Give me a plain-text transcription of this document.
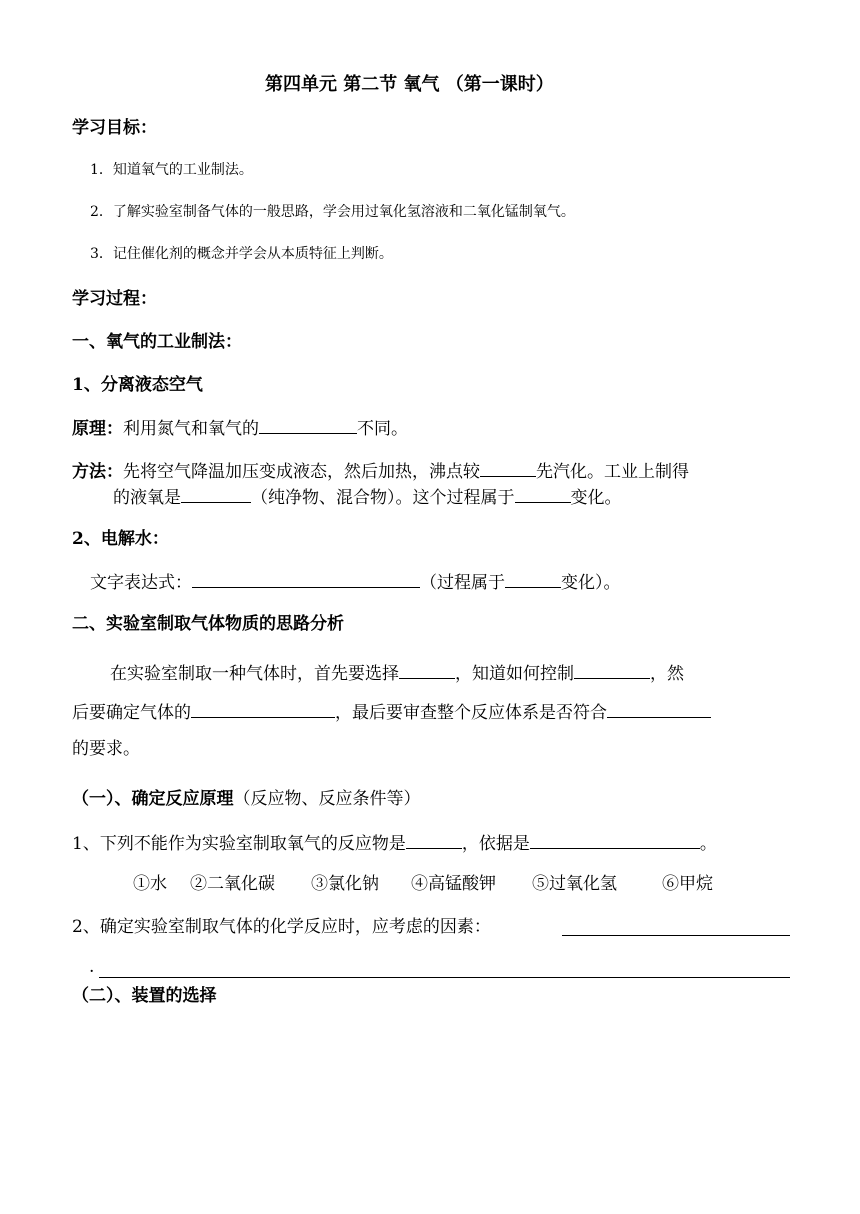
第四单元 第二节 氧气 （第一课时）
学习目标：
1．知道氧气的工业制法。
2．了解实验室制备气体的一般思路，学会用过氧化氢溶液和二氧化锰制氧气。
3．记住催化剂的概念并学会从本质特征上判断。
学习过程：
一、氧气的工业制法：
1、分离液态空气
原理：利用氮气和氧气的	不同。
方法：先将空气降温加压变成液态，然后加热，沸点较	先汽化。工业上制得
的液氧是	（纯净物、混合物）。这个过程属于	变化。
2、电解水：
文字表达式：	（过程属于	变化）。
二、实验室制取气体物质的思路分析
在实验室制取一种气体时，首先要选择	，知道如何控制	，然
后要确定气体的	，最后要审查整个反应体系是否符合
的要求。
（一）、确定反应原理（反应物、反应条件等）
1、下列不能作为实验室制取氧气的反应物是	，依据是	。
①水 ②二氧化碳 ③氯化钠 ④高锰酸钾 ⑤过氧化氢	⑥甲烷
2、确定实验室制取气体的化学反应时，应考虑的因素：
.
（二）、装置的选择
